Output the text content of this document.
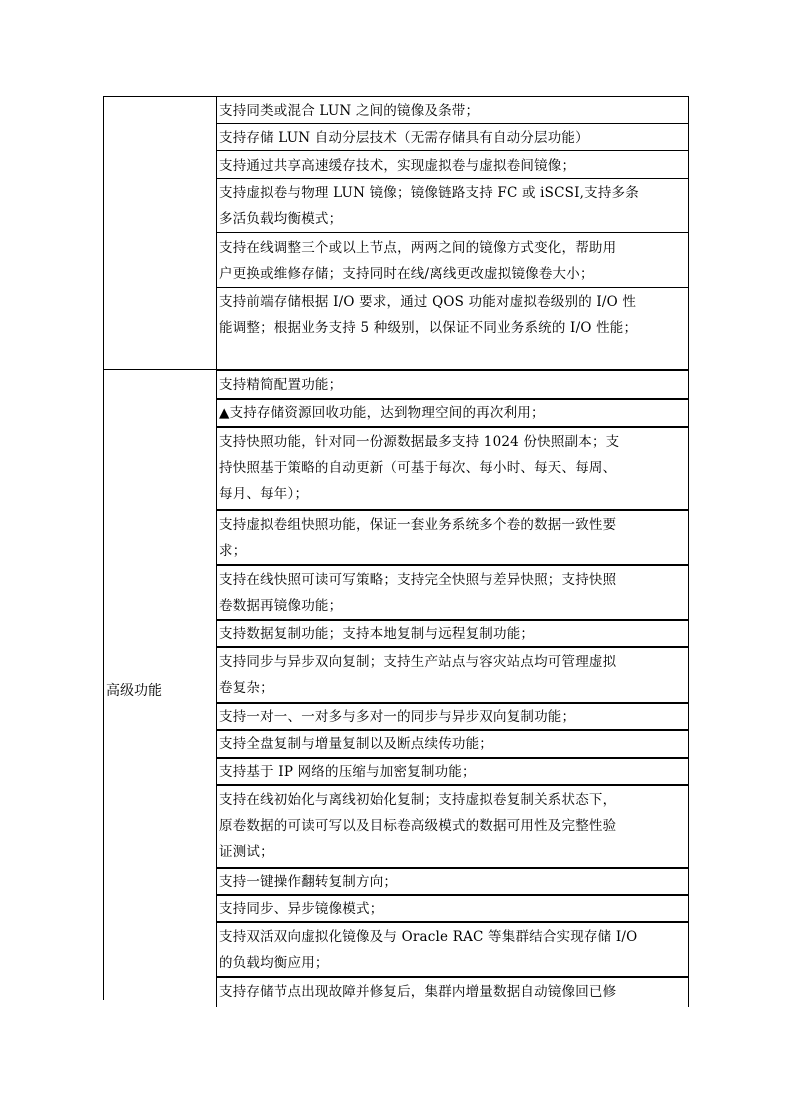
支持同类或混合 LUN 之间的镜像及条带；
支持存储 LUN 自动分层技术（无需存储具有自动分层功能）
支持通过共享高速缓存技术，实现虚拟卷与虚拟卷间镜像；
支持虚拟卷与物理 LUN 镜像；镜像链路支持 FC 或 iSCSI,支持多条
多活负载均衡模式；
支持在线调整三个或以上节点，两两之间的镜像方式变化，帮助用
户更换或维修存储；支持同时在线/离线更改虚拟镜像卷大小；
支持前端存储根据 I/O 要求，通过 QOS 功能对虚拟卷级别的 I/O 性
能调整；根据业务支持 5 种级别，以保证不同业务系统的 I/O 性能；
支持精简配置功能；
▲支持存储资源回收功能，达到物理空间的再次利用；
支持快照功能，针对同一份源数据最多支持 1024 份快照副本；支
持快照基于策略的自动更新（可基于每次、每小时、每天、每周、
每月、每年）；
支持虚拟卷组快照功能，保证一套业务系统多个卷的数据一致性要
求；
支持在线快照可读可写策略；支持完全快照与差异快照；支持快照
卷数据再镜像功能；
支持数据复制功能；支持本地复制与远程复制功能；
支持同步与异步双向复制；支持生产站点与容灾站点均可管理虚拟
卷复杂；
支持一对一、一对多与多对一的同步与异步双向复制功能；
支持全盘复制与增量复制以及断点续传功能；
支持基于 IP 网络的压缩与加密复制功能；
支持在线初始化与离线初始化复制；支持虚拟卷复制关系状态下，
原卷数据的可读可写以及目标卷高级模式的数据可用性及完整性验
证测试；
支持一键操作翻转复制方向；
支持同步、异步镜像模式；
支持双活双向虚拟化镜像及与 Oracle RAC 等集群结合实现存储 I/O
的负载均衡应用；
支持存储节点出现故障并修复后，集群内增量数据自动镜像回已修
高级功能
